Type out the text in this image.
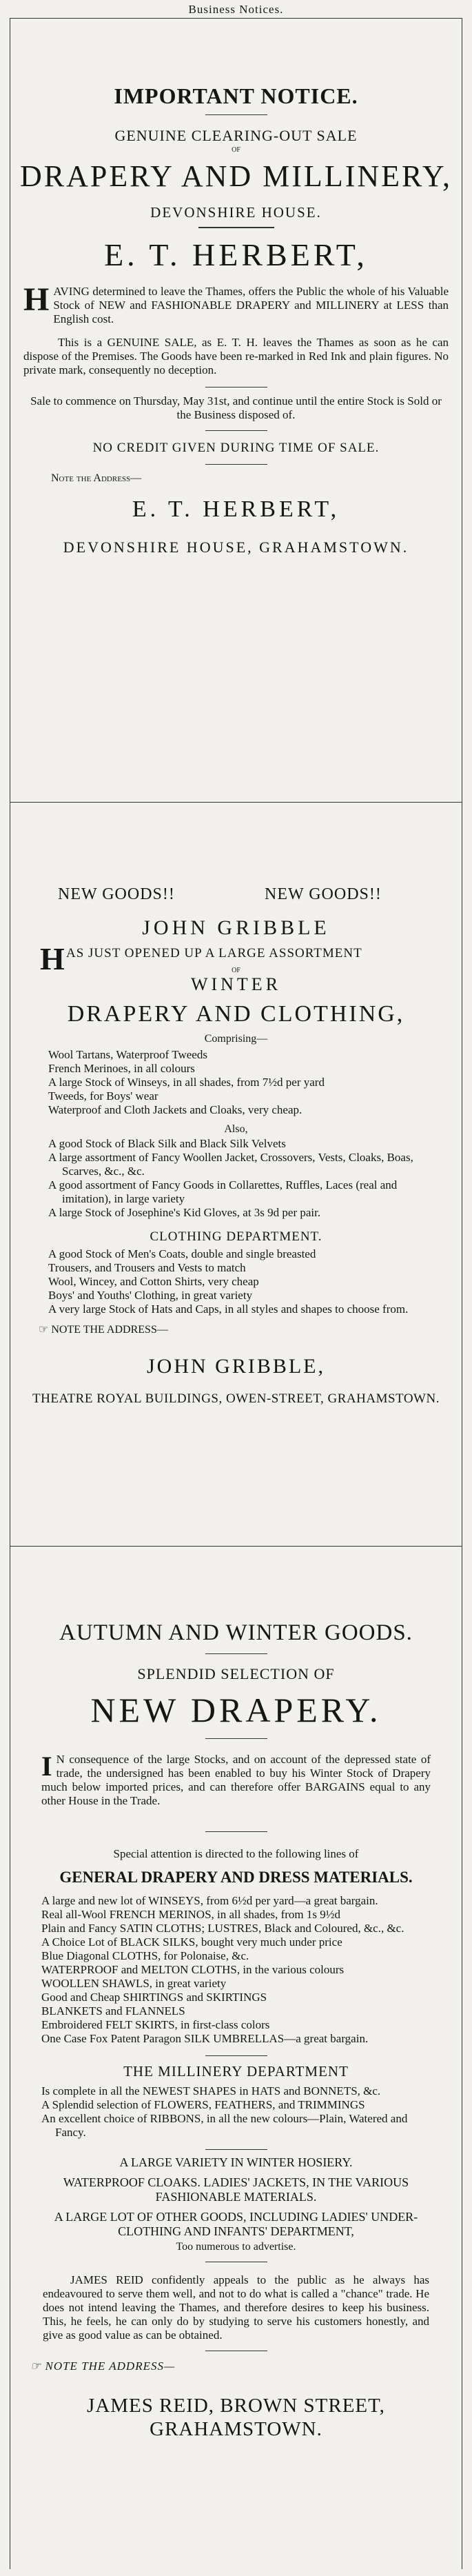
Business Notices.
IMPORTANT NOTICE.
GENUINE CLEARING-OUT SALE
OF
DRAPERY AND MILLINERY,
DEVONSHIRE HOUSE.
E. T. HERBERT,
HAVING determined to leave the Thames, offers the Public the whole of his Valuable Stock of NEW and FASHIONABLE DRAPERY and MILLINERY at LESS than English cost.
This is a GENUINE SALE, as E. T. H. leaves the Thames as soon as he can dispose of the Premises. The Goods have been re-marked in Red Ink and plain figures. No private mark, consequently no deception.
Sale to commence on Thursday, May 31st, and continue until the entire Stock is Sold or the Business disposed of.
NO CREDIT GIVEN DURING TIME OF SALE.
Note the Address—
E. T. HERBERT,
DEVONSHIRE HOUSE, GRAHAMSTOWN.
NEW GOODS!!	NEW GOODS!!
JOHN GRIBBLE
H AS JUST OPENED UP A LARGE ASSORTMENT
OF
WINTER
DRAPERY AND CLOTHING,
Comprising—

Wool Tartans, Waterproof Tweeds

French Merinoes, in all colours

A large Stock of Winseys, in all shades, from 7½d per yard

Tweeds, for Boys' wear

Waterproof and Cloth Jackets and Cloaks, very cheap.

Also,

A good Stock of Black Silk and Black Silk Velvets

A large assortment of Fancy Woollen Jacket, Crossovers, Vests, Cloaks, Boas, Scarves, &c., &c.

A good assortment of Fancy Goods in Collarettes, Ruffles, Laces (real and imitation), in large variety

A large Stock of Josephine's Kid Gloves, at 3s 9d per pair.

CLOTHING DEPARTMENT.

A good Stock of Men's Coats, double and single breasted

Trousers, and Trousers and Vests to match

Wool, Wincey, and Cotton Shirts, very cheap

Boys' and Youths' Clothing, in great variety

A very large Stock of Hats and Caps, in all styles and shapes to choose from.

☞ NOTE THE ADDRESS—
JOHN GRIBBLE,
THEATRE ROYAL BUILDINGS, OWEN-STREET, GRAHAMSTOWN.
AUTUMN AND WINTER GOODS.
SPLENDID SELECTION OF
NEW DRAPERY.
I N consequence of the large Stocks, and on account of the depressed state of trade, the undersigned has been enabled to buy his Winter Stock of Drapery much below imported prices, and can therefore offer BARGAINS equal to any other House in the Trade.
Special attention is directed to the following lines of
GENERAL DRAPERY AND DRESS MATERIALS.

A large and new lot of WINSEYS, from 6½d per yard—a great bargain.

Real all-Wool FRENCH MERINOS, in all shades, from 1s 9½d

Plain and Fancy SATIN CLOTHS; LUSTRES, Black and Coloured, &c., &c.

A Choice Lot of BLACK SILKS, bought very much under price

Blue Diagonal CLOTHS, for Polonaise, &c.

WATERPROOF and MELTON CLOTHS, in the various colours

WOOLLEN SHAWLS, in great variety

Good and Cheap SHIRTINGS and SKIRTINGS

BLANKETS and FLANNELS

Embroidered FELT SKIRTS, in first-class colors

One Case Fox Patent Paragon SILK UMBRELLAS—a great bargain.

THE MILLINERY DEPARTMENT

Is complete in all the NEWEST SHAPES in HATS and BONNETS, &c.

A Splendid selection of FLOWERS, FEATHERS, and TRIMMINGS

An excellent choice of RIBBONS, in all the new colours—Plain, Watered and Fancy.

A LARGE VARIETY IN WINTER HOSIERY.
WATERPROOF CLOAKS. LADIES' JACKETS, IN THE VARIOUS FASHIONABLE MATERIALS.
A LARGE LOT OF OTHER GOODS, INCLUDING LADIES' UNDER-CLOTHING AND INFANTS' DEPARTMENT,
Too numerous to advertise.
JAMES REID confidently appeals to the public as he always has endeavoured to serve them well, and not to do what is called a "chance" trade. He does not intend leaving the Thames, and therefore desires to keep his business. This, he feels, he can only do by studying to serve his customers honestly, and give as good value as can be obtained.
☞ NOTE THE ADDRESS—
JAMES REID, BROWN STREET, GRAHAMSTOWN.
